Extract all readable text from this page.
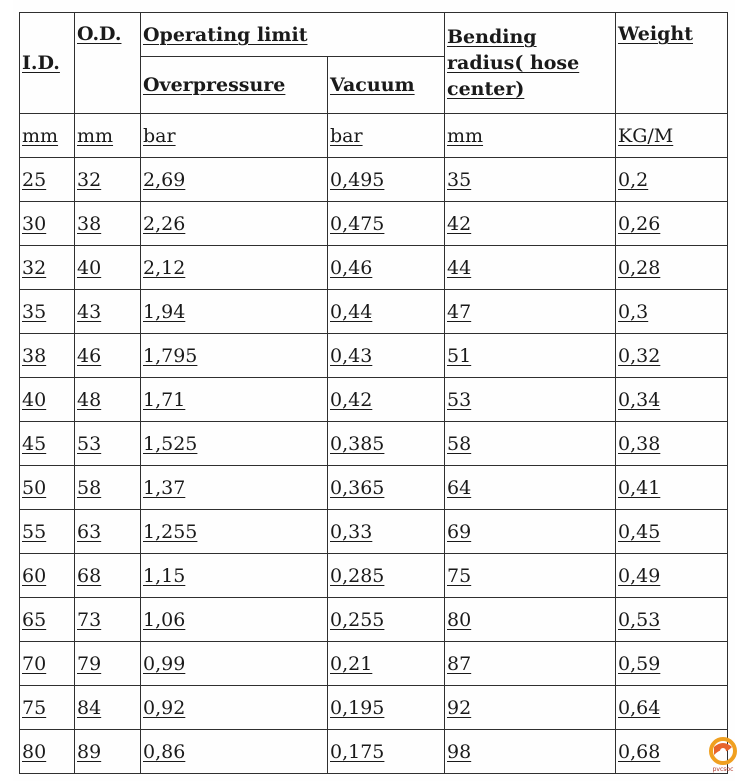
I.D.	O.D.	Operating limit		Bending radius( hose center)	Weight
		Overpressure	Vacuum		
mm	mm	bar	bar	mm	KG/M
25	32	2,69	0,495	35	0,2
30	38	2,26	0,475	42	0,26
32	40	2,12	0,46	44	0,28
35	43	1,94	0,44	47	0,3
38	46	1,795	0,43	51	0,32
40	48	1,71	0,42	53	0,34
45	53	1,525	0,385	58	0,38
50	58	1,37	0,365	64	0,41
55	63	1,255	0,33	69	0,45
60	68	1,15	0,285	75	0,49
65	73	1,06	0,255	80	0,53
70	79	0,99	0,21	87	0,59
75	84	0,92	0,195	92	0,64
80	89	0,86	0,175	98	0,68
pvcsoc
